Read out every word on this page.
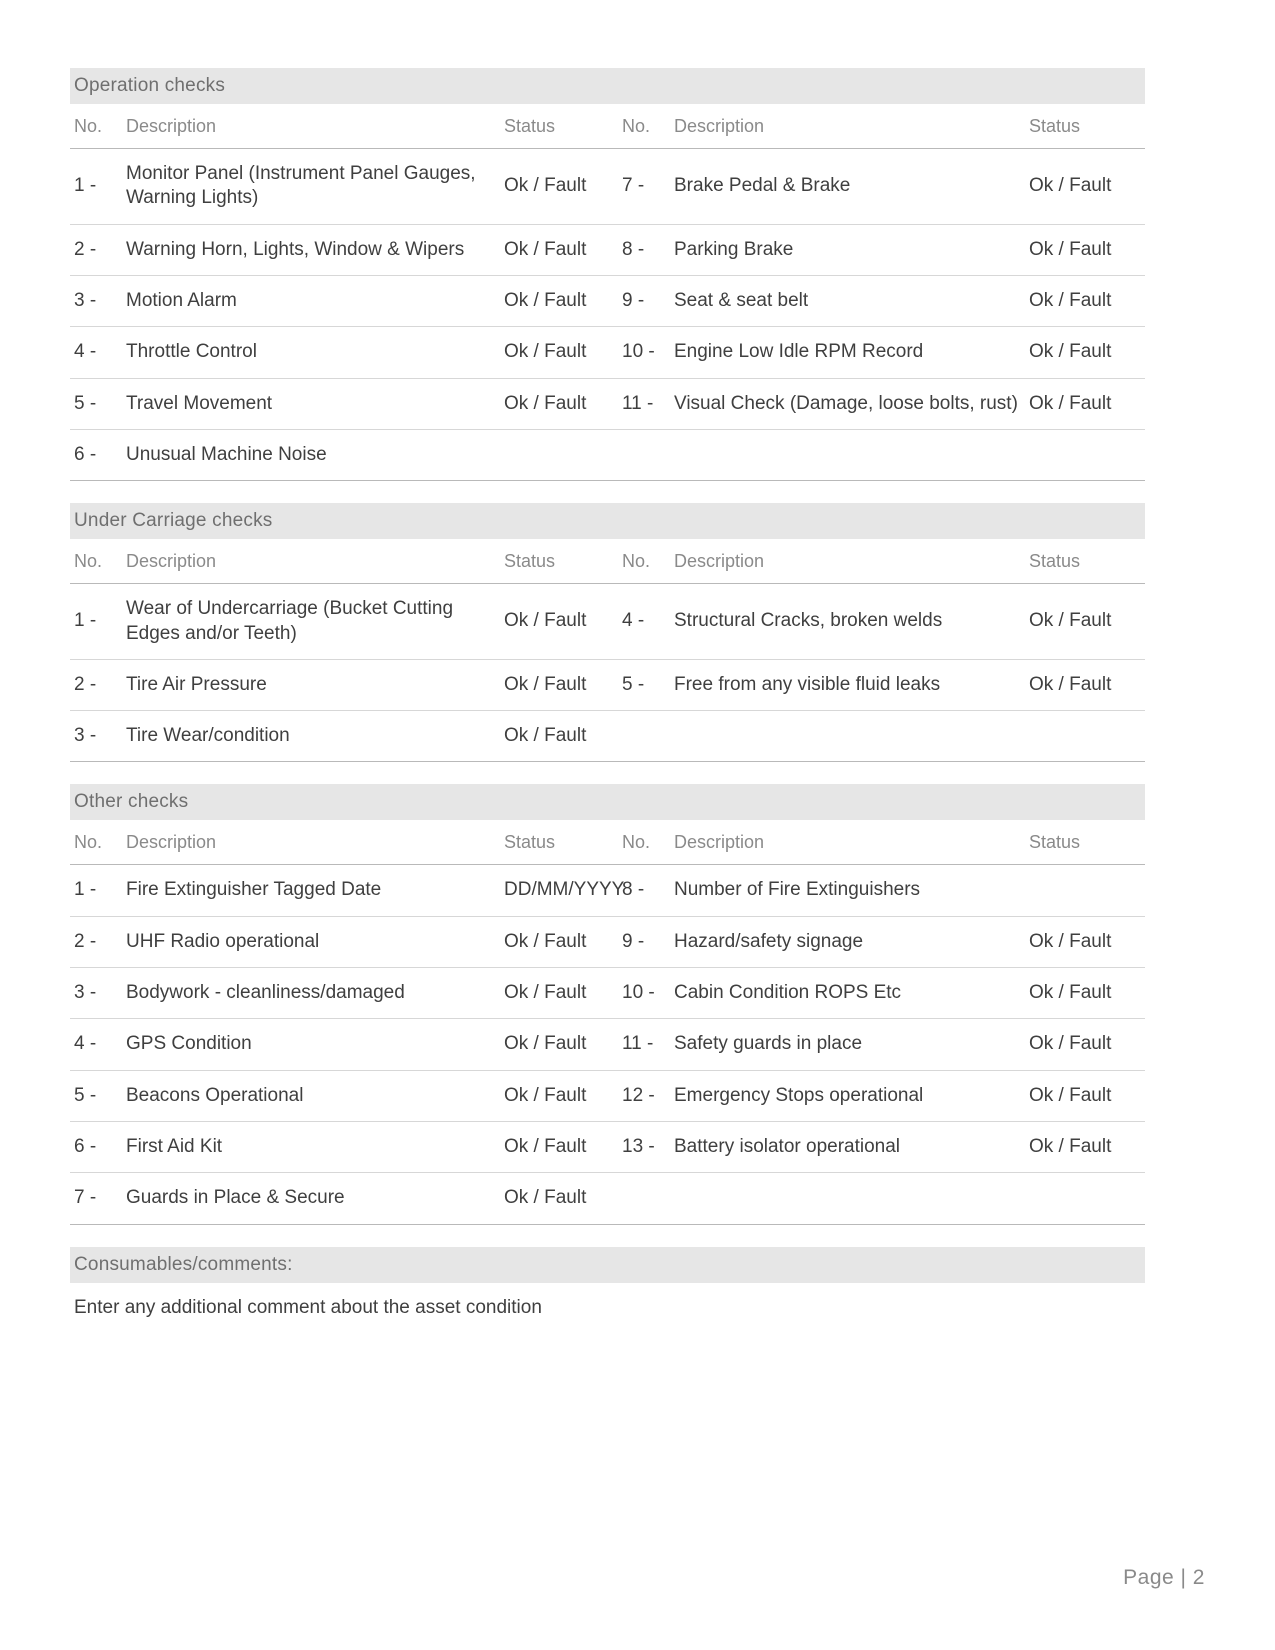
Operation checks
No.	Description	Status	No.	Description	Status
1 -	Monitor Panel (Instrument Panel Gauges, Warning Lights)	Ok / Fault	7 -	Brake Pedal & Brake	Ok / Fault
2 -	Warning Horn, Lights, Window & Wipers	Ok / Fault	8 -	Parking Brake	Ok / Fault
3 -	Motion Alarm	Ok / Fault	9 -	Seat & seat belt	Ok / Fault
4 -	Throttle Control	Ok / Fault	10 -	Engine Low Idle RPM Record	Ok / Fault
5 -	Travel Movement	Ok / Fault	11 -	Visual Check (Damage, loose bolts, rust)	Ok / Fault
6 -	Unusual Machine Noise				
Under Carriage checks
No.	Description	Status	No.	Description	Status
1 -	Wear of Undercarriage (Bucket Cutting Edges and/or Teeth)	Ok / Fault	4 -	Structural Cracks, broken welds	Ok / Fault
2 -	Tire Air Pressure	Ok / Fault	5 -	Free from any visible fluid leaks	Ok / Fault
3 -	Tire Wear/condition	Ok / Fault			
Other checks
No.	Description	Status	No.	Description	Status
1 -	Fire Extinguisher Tagged Date	DD/MM/YYYY	8 -	Number of Fire Extinguishers	
2 -	UHF Radio operational	Ok / Fault	9 -	Hazard/safety signage	Ok / Fault
3 -	Bodywork - cleanliness/damaged	Ok / Fault	10 -	Cabin Condition ROPS Etc	Ok / Fault
4 -	GPS Condition	Ok / Fault	11 -	Safety guards in place	Ok / Fault
5 -	Beacons Operational	Ok / Fault	12 -	Emergency Stops operational	Ok / Fault
6 -	First Aid Kit	Ok / Fault	13 -	Battery isolator operational	Ok / Fault
7 -	Guards in Place & Secure	Ok / Fault			
Consumables/comments:
Enter any additional comment about the asset condition
Page | 2
